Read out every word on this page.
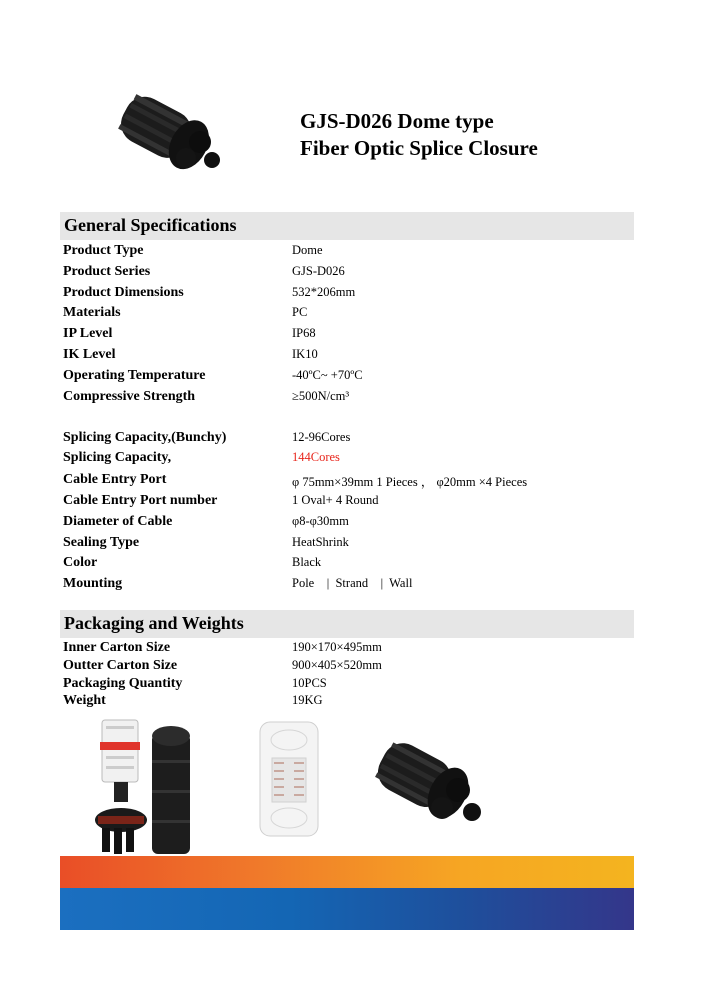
GJS-D026 Dome type
Fiber Optic Splice Closure
General Specifications
Product Type	Dome
Product Series	GJS-D026
Product Dimensions	532*206mm
Materials	PC
IP Level	IP68
IK Level	IK10
Operating Temperature	-40ºC~ +70ºC
Compressive Strength	≥500N/cm³
Splicing Capacity,(Bunchy)	12-96Cores
Splicing Capacity,	144Cores
Cable Entry Port	φ 75mm×39mm 1 Pieces ， φ20mm ×4 Pieces
Cable Entry Port number	1 Oval+ 4 Round
Diameter of Cable	φ8-φ30mm
Sealing Type	HeatShrink
Color	Black
Mounting	Pole    |  Strand    |  Wall
Packaging and Weights
Inner Carton Size	190×170×495mm
Outter Carton Size	900×405×520mm
Packaging Quantity	10PCS
Weight	19KG
